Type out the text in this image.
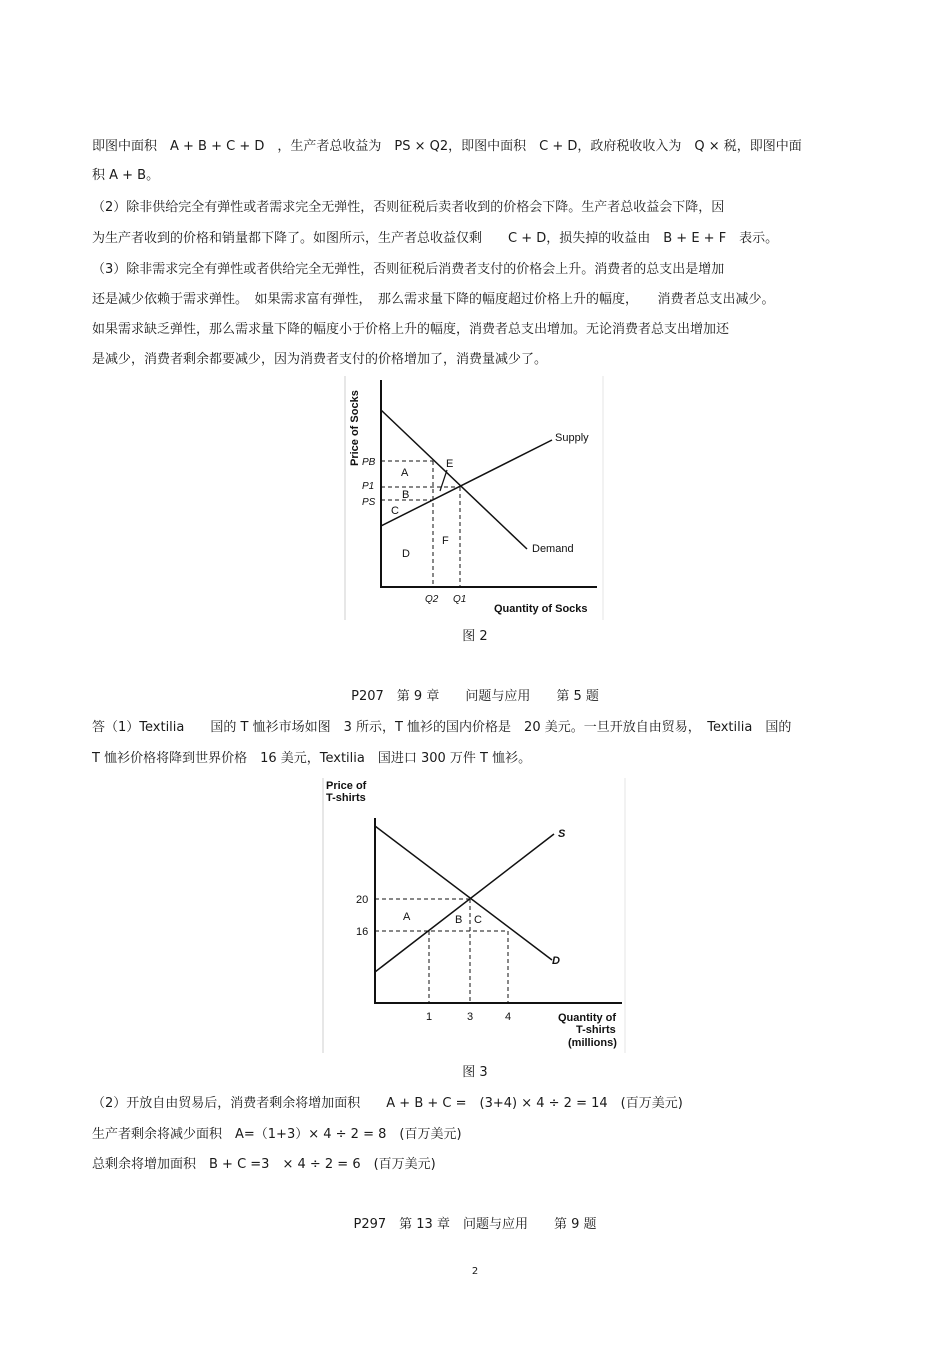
即图中面积　A + B + C + D　，生产者总收益为　PS × Q2，即图中面积　C + D，政府税收收入为　Q × 税，即图中面
积 A + B。
（2）除非供给完全有弹性或者需求完全无弹性，否则征税后卖者收到的价格会下降。生产者总收益会下降，因
为生产者收到的价格和销量都下降了。如图所示，生产者总收益仅剩　　C + D，损失掉的收益由　B + E + F　表示。
（3）除非需求完全有弹性或者供给完全无弹性，否则征税后消费者支付的价格会上升。消费者的总支出是增加
还是减少依赖于需求弹性。　如果需求富有弹性，　那么需求量下降的幅度超过价格上升的幅度，　　消费者总支出减少。
如果需求缺乏弹性，那么需求量下降的幅度小于价格上升的幅度，消费者总支出增加。无论消费者总支出增加还
是减少，消费者剩余都要减少，因为消费者支付的价格增加了，消费量减少了。
Price of Socks
Quantity of Socks
Supply
Demand
PB
P1
PS
Q2 Q1
A
B
C
D
E
F
图 2
P207　第 9 章　　问题与应用　　第 5 题
答（1）Textilia　　国的 T 恤衫市场如图　3 所示，T 恤衫的国内价格是　20 美元。一旦开放自由贸易，　Textilia　国的
T 恤衫价格将降到世界价格　16 美元，Textilia　国进口 300 万件 T 恤衫。
Price of
T-shirts
Quantity of
T-shirts
(millions)
S
D
20
16
1	3	4
A	B C
图 3
（2）开放自由贸易后，消费者剩余将增加面积　　A + B + C =　(3+4) × 4 ÷ 2 = 14　(百万美元)
生产者剩余将减少面积　A=（1+3）× 4 ÷ 2 = 8　(百万美元)
总剩余将增加面积　B + C =3　× 4 ÷ 2 = 6　(百万美元)
P297　第 13 章　问题与应用　　第 9 题
2
